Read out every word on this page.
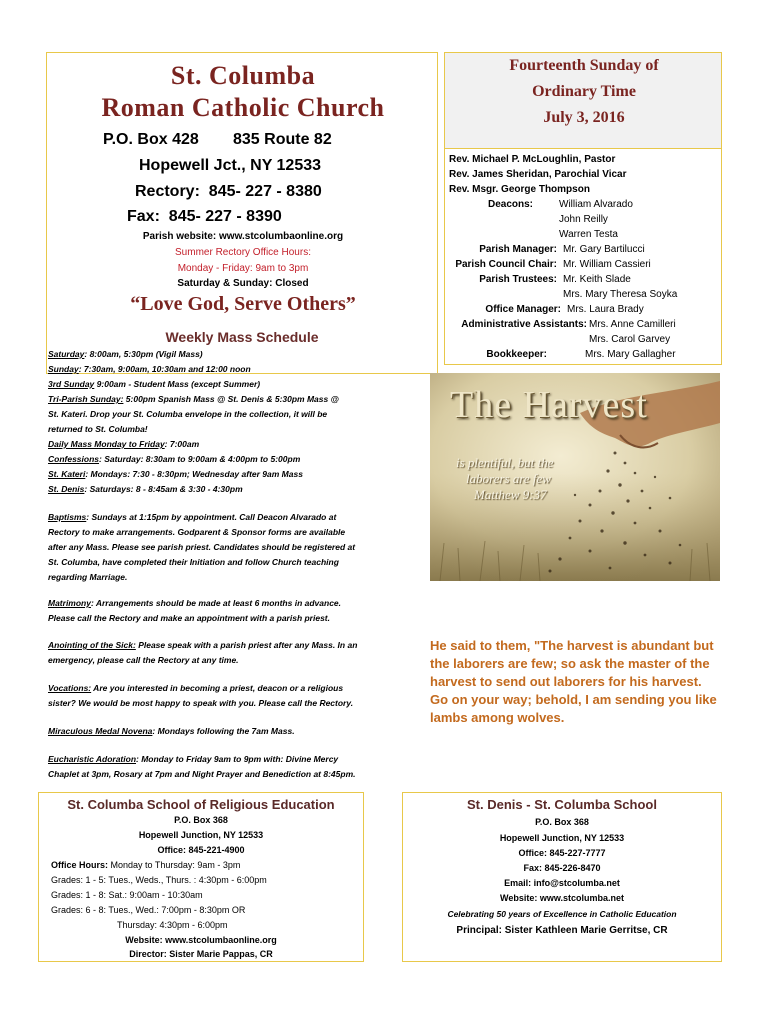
St. Columba
Roman Catholic Church
P.O. Box 428 835 Route 82
Hopewell Jct., NY 12533
Rectory:  845- 227 - 8380
Fax:  845- 227 - 8390
Parish website: www.stcolumbaonline.org
Summer Rectory Office Hours:
Monday - Friday: 9am to 3pm
Saturday & Sunday: Closed
“Love God, Serve Others”
Fourteenth Sunday of
Ordinary Time
July 3, 2016
Rev. Michael P. McLoughlin, Pastor
Rev. James Sheridan, Parochial Vicar
Rev. Msgr. George Thompson
Deacons:	William Alvarado
John Reilly
Warren Testa
Parish Manager: Mr. Gary Bartilucci
Parish Council Chair: Mr. William Cassieri
Parish Trustees: Mr. Keith Slade
Mrs. Mary Theresa Soyka
Office Manager: Mrs. Laura Brady
Administrative Assistants: Mrs. Anne Camilleri
Mrs. Carol Garvey
Bookkeeper:	Mrs. Mary Gallagher
Weekly Mass Schedule
Saturday: 8:00am, 5:30pm (Vigil Mass)
Sunday: 7:30am, 9:00am, 10:30am and 12:00 noon
3rd Sunday 9:00am - Student Mass (except Summer)
Tri-Parish Sunday: 5:00pm Spanish Mass @ St. Denis & 5:30pm Mass @
St. Kateri. Drop your St. Columba envelope in the collection, it will be
returned to St. Columba!
Daily Mass Monday to Friday: 7:00am
Confessions: Saturday: 8:30am to 9:00am & 4:00pm to 5:00pm
St. Kateri: Mondays: 7:30 - 8:30pm; Wednesday after 9am Mass
St. Denis: Saturdays: 8 - 8:45am & 3:30 - 4:30pm
Baptisms: Sundays at 1:15pm by appointment. Call Deacon Alvarado at
Rectory to make arrangements. Godparent & Sponsor forms are available
after any Mass. Please see parish priest. Candidates should be registered at
St. Columba, have completed their Initiation and follow Church teaching
regarding Marriage.
Matrimony: Arrangements should be made at least 6 months in advance.
Please call the Rectory and make an appointment with a parish priest.
Anointing of the Sick: Please speak with a parish priest after any Mass. In an
emergency, please call the Rectory at any time.
Vocations: Are you interested in becoming a priest, deacon or a religious
sister? We would be most happy to speak with you. Please call the Rectory.
Miraculous Medal Novena: Mondays following the 7am Mass.
Eucharistic Adoration: Monday to Friday 9am to 9pm with: Divine Mercy
Chaplet at 3pm, Rosary at 7pm and Night Prayer and Benediction at 8:45pm.
The Harvest
is plentiful, but the
laborers are few
Matthew 9:37
He said to them, "The harvest is abundant but the laborers are few; so ask the master of the harvest to send out laborers for his harvest. Go on your way; behold, I am sending you like lambs among wolves.
St. Columba School of Religious Education
P.O. Box 368
Hopewell Junction, NY 12533
Office: 845-221-4900
Office Hours: Monday to Thursday: 9am - 3pm
Grades: 1 - 5: Tues., Weds., Thurs. : 4:30pm - 6:00pm
Grades: 1 - 8: Sat.: 9:00am - 10:30am
Grades: 6 - 8: Tues., Wed.: 7:00pm - 8:30pm OR
Thursday: 4:30pm - 6:00pm
Website: www.stcolumbaonline.org
Director: Sister Marie Pappas, CR
St. Denis - St. Columba School
P.O. Box 368
Hopewell Junction, NY 12533
Office: 845-227-7777
Fax: 845-226-8470
Email: info@stcolumba.net
Website: www.stcolumba.net
Celebrating 50 years of Excellence in Catholic Education
Principal: Sister Kathleen Marie Gerritse, CR
